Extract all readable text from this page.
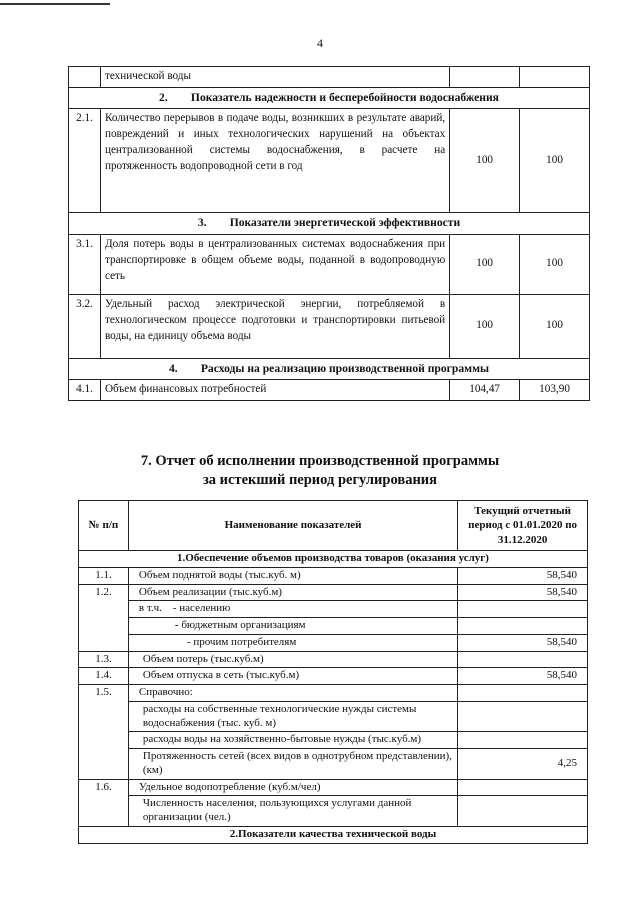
4
	технической воды		
2.  Показатель надежности и бесперебойности водоснабжения			
2.1.	Количество перерывов в подаче воды, возникших в результате аварий, повреждений и иных технологических нарушений на объектах централизованной системы водоснабжения, в расчете на протяженность водопроводной сети в год	100	100
3.  Показатели энергетической эффективности			
3.1.	Доля потерь воды в централизованных системах водоснабжения при транспортировке в общем объеме воды, поданной в водопроводную сеть	100	100
3.2.	Удельный расход электрической энергии, потребляемой в технологическом процессе подготовки и транспортировки питьевой воды, на единицу объема воды	100	100
4.  Расходы на реализацию производственной программы			
4.1.	Объем финансовых потребностей	104,47	103,90
7. Отчет об исполнении производственной программы
за истекший период регулирования
№ п/п	Наименование показателей	Текущий отчетный период с 01.01.2020 по 31.12.2020
1.Обеспечение объемов производства товаров (оказания услуг)		
1.1.	Объем поднятой воды (тыс.куб. м)	58,540
1.2.	Объем реализации (тыс.куб.м)	58,540
	в т.ч. - населению	
	- бюджетным организациям	
	- прочим потребителям	58,540
1.3.	Объем потерь (тыс.куб.м)	
1.4.	Объем отпуска в сеть (тыс.куб.м)	58,540
1.5.	Справочно:	
	расходы на собственные технологические нужды системы водоснабжения (тыс. куб. м)	
	расходы воды на хозяйственно-бытовые нужды (тыс.куб.м)	
	Протяженность сетей (всех видов в однотрубном представлении), (км)	4,25
1.6.	Удельное водопотребление (куб.м/чел)	
	Численность населения, пользующихся услугами данной организации (чел.)	
2.Показатели качества технической воды		
